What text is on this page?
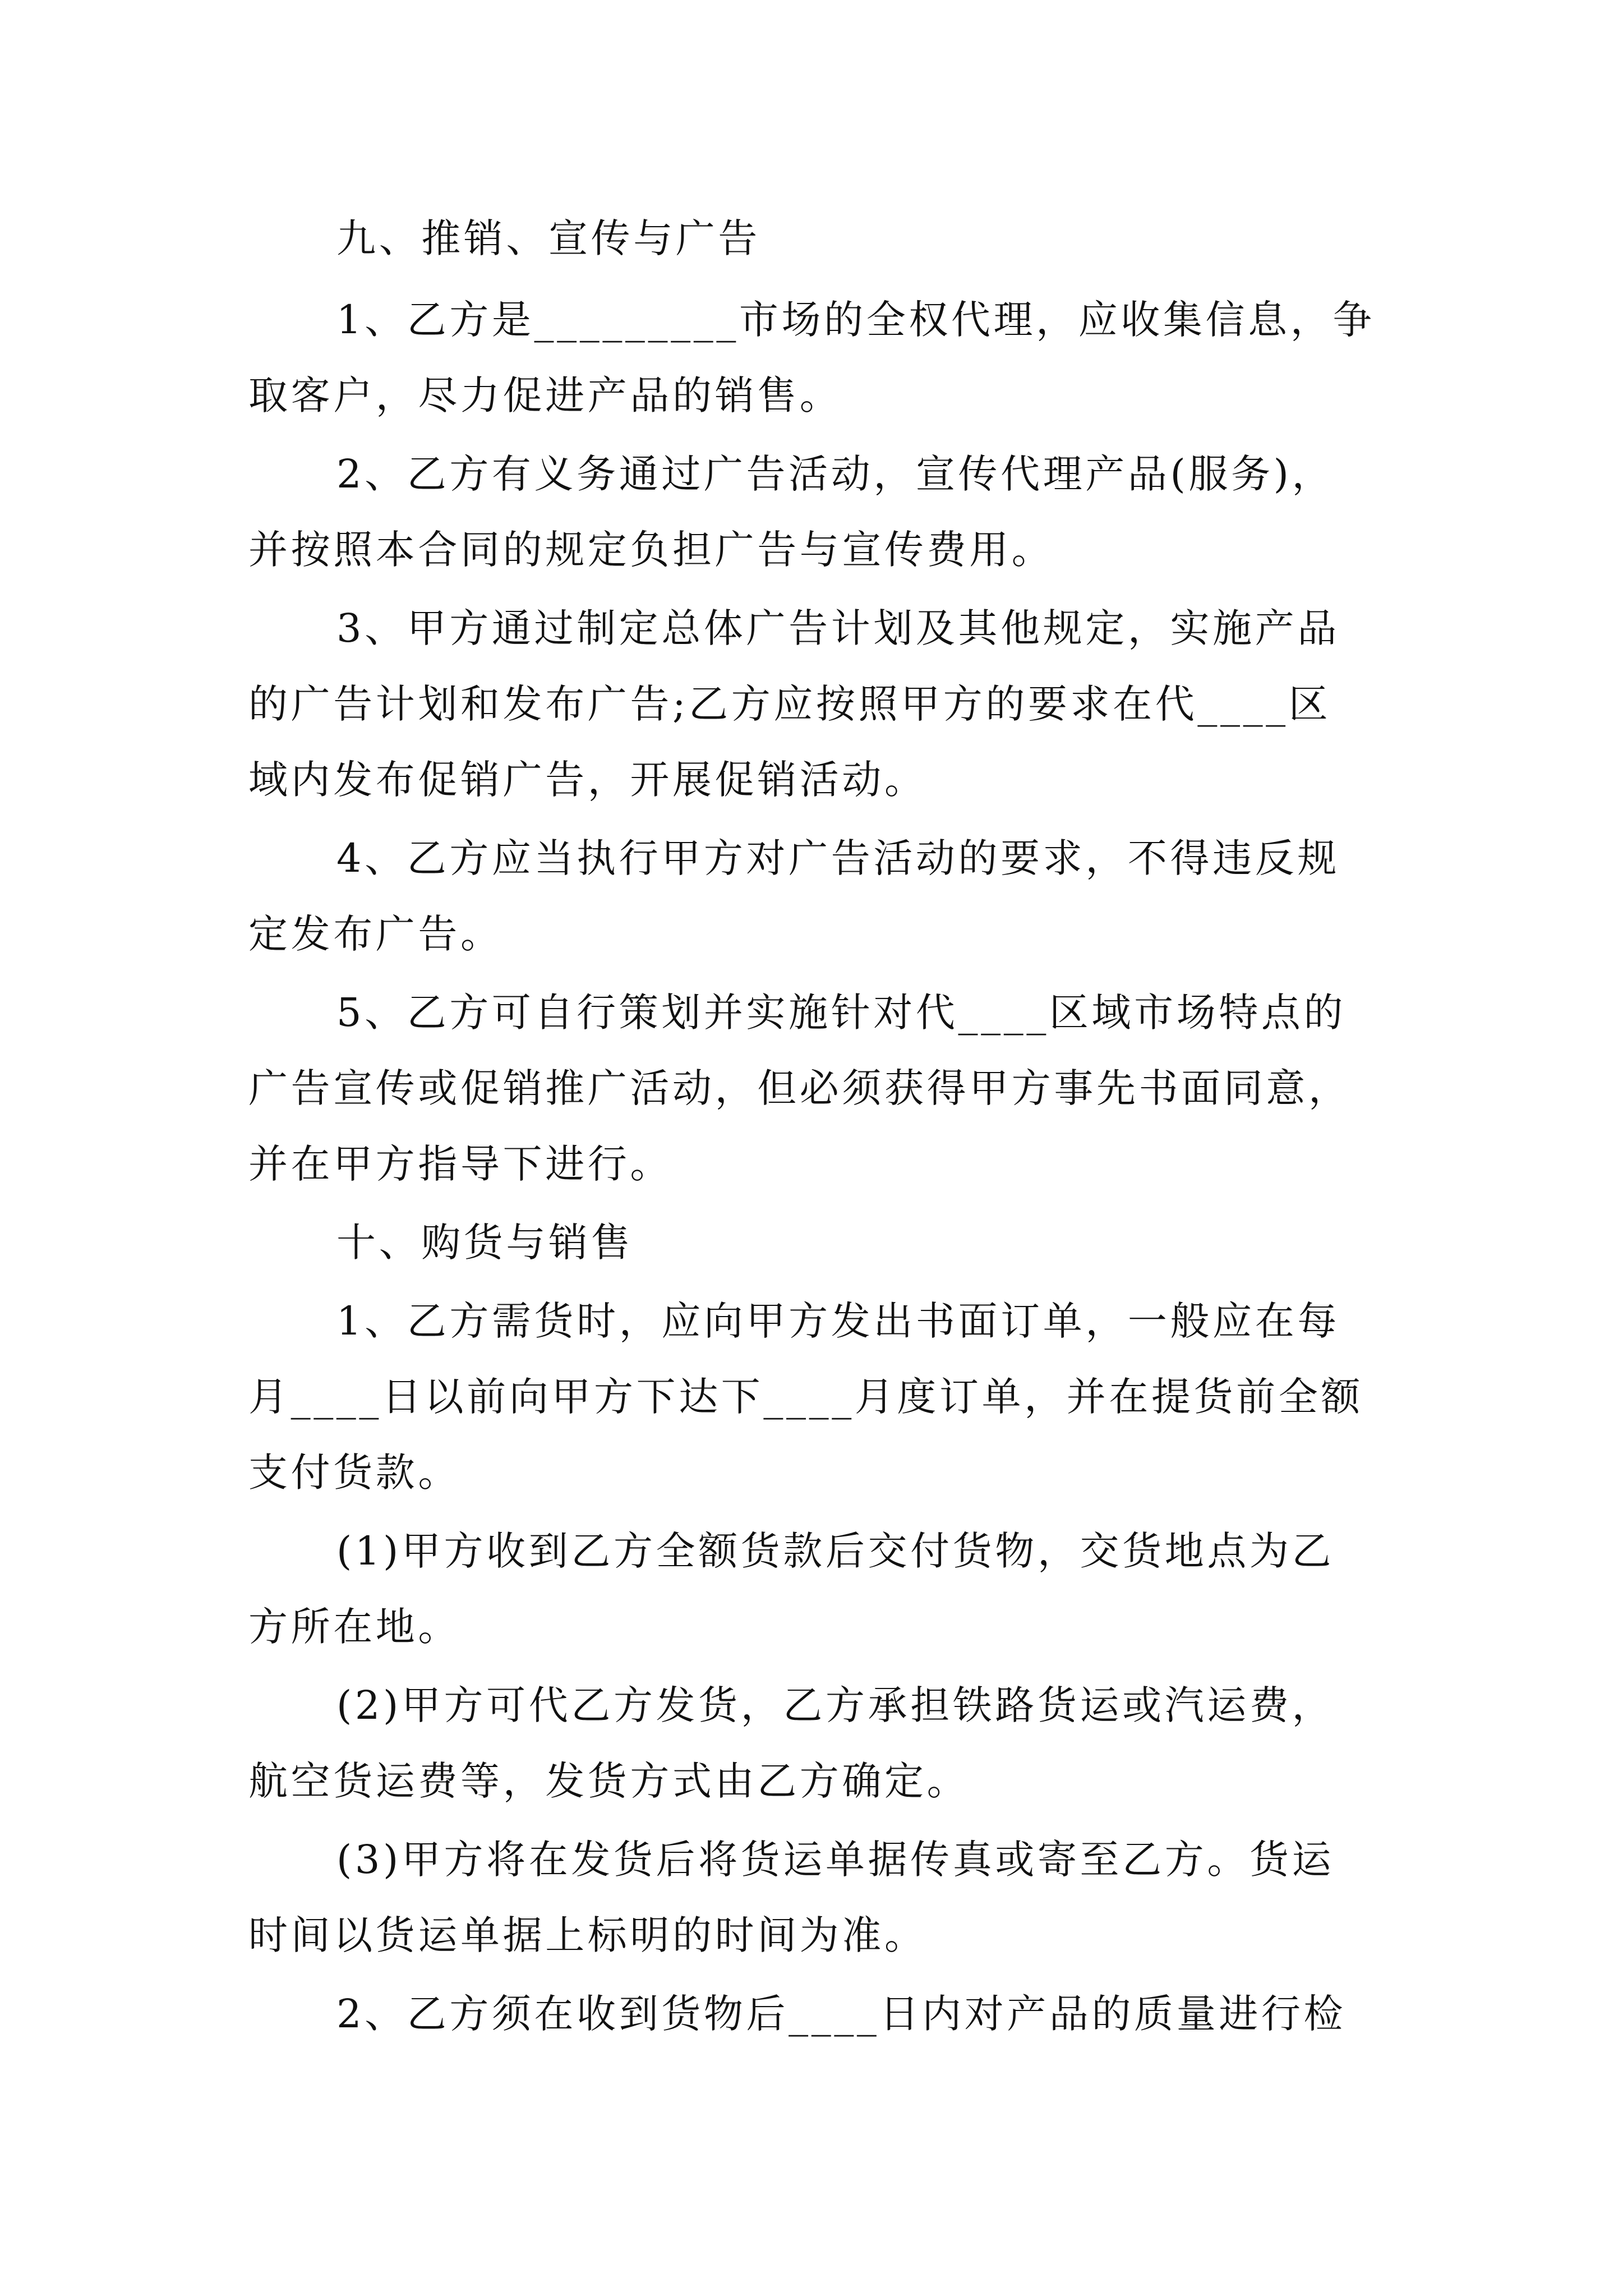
九、推销、宣传与广告
1、乙方是_________市场的全权代理，应收集信息，争
取客户，尽力促进产品的销售。
2、乙方有义务通过广告活动，宣传代理产品(服务)，
并按照本合同的规定负担广告与宣传费用。
3、甲方通过制定总体广告计划及其他规定，实施产品
的广告计划和发布广告;乙方应按照甲方的要求在代____区
域内发布促销广告，开展促销活动。
4、乙方应当执行甲方对广告活动的要求，不得违反规
定发布广告。
5、乙方可自行策划并实施针对代____区域市场特点的
广告宣传或促销推广活动，但必须获得甲方事先书面同意，
并在甲方指导下进行。
十、购货与销售
1、乙方需货时，应向甲方发出书面订单，一般应在每
月____日以前向甲方下达下____月度订单，并在提货前全额
支付货款。
(1)甲方收到乙方全额货款后交付货物，交货地点为乙
方所在地。
(2)甲方可代乙方发货，乙方承担铁路货运或汽运费，
航空货运费等，发货方式由乙方确定。
(3)甲方将在发货后将货运单据传真或寄至乙方。货运
时间以货运单据上标明的时间为准。
2、乙方须在收到货物后____日内对产品的质量进行检
